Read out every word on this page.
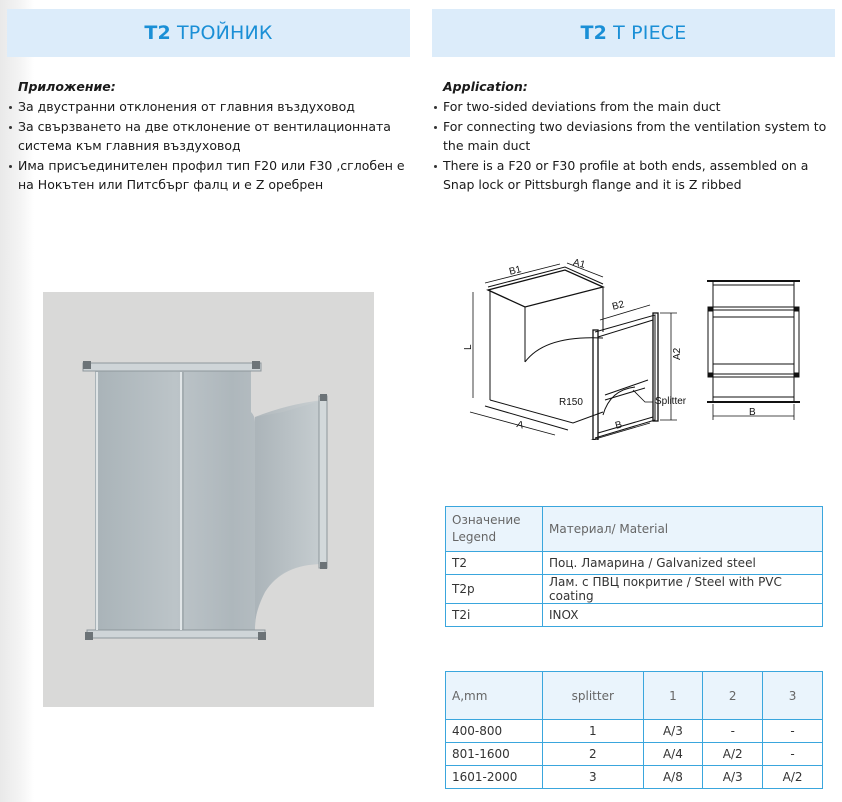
T2 ТРОЙНИК	T2 T PIECE
Приложение:
За двустранни отклонения от главния въздуховод
За свързването на две отклонение от вентилационната система към главния въздуховод
Има присъединителен профил тип F20 или F30 ,сглобен е на Нокътен или Питсбърг фалц и е Z оребрен
Application:
For two-sided deviations from the main duct
For connecting two deviasions from the ventilation system to the main duct
There is a F20 or F30 profile at both ends, assembled on a Snap lock or Pittsburgh flange and it is Z ribbed
B1
A1
B2
A2
L
R150	Splitter
A	B
B
Означение
Legend	Материал/ Material
T2	Поц. Ламарина / Galvanized steel
T2p	Лам. с ПВЦ покритие / Steel with PVC coating
T2i	INOX
A,mm	splitter	1	2	3
400-800	1	A/3	-	-
801-1600	2	A/4	A/2	-
1601-2000	3	A/8	A/3	A/2
